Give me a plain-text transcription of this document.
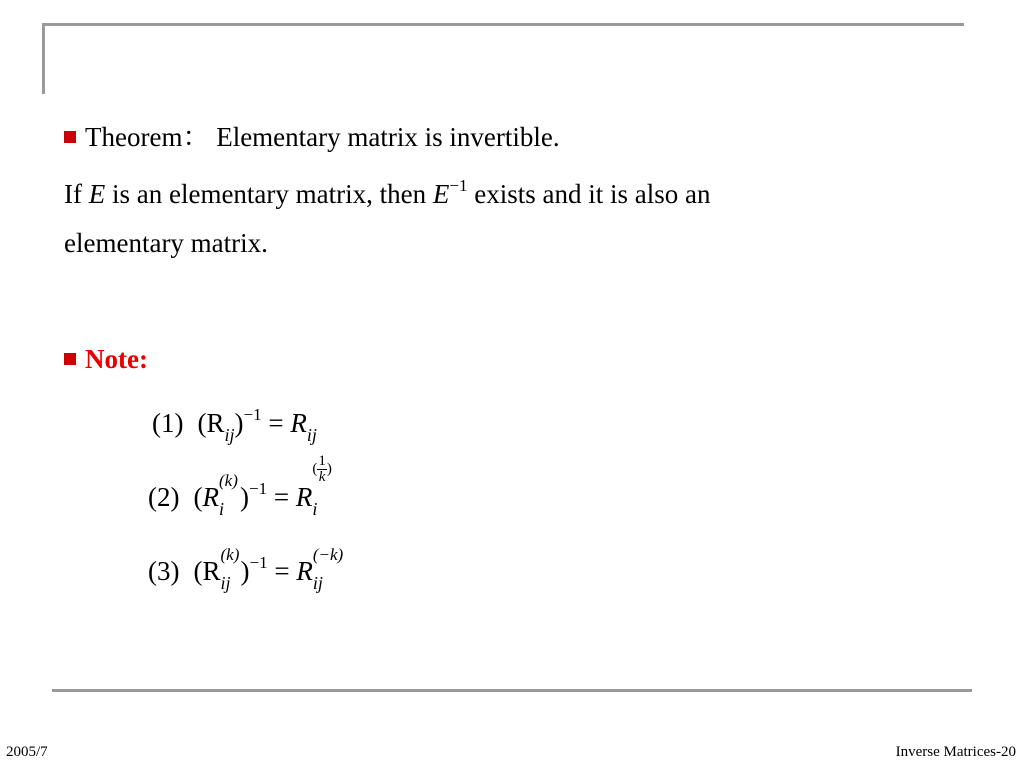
Theorem： Elementary matrix is invertible.
If E is an elementary matrix, then $E^{-1}$ exists and it is also an
elementary matrix.
Note:
(1) $(R_{ij})^{-1} = R_{ij}$
(2) (R
(k)
$_i$ )$^{-1} = R_i$
( $\frac{1}{k}$ )
(3) (R
(k)
$_{ij}$ )$^{-1}$ = R
(−k)
$_{ij}$
2005/7	Inverse Matrices-20
